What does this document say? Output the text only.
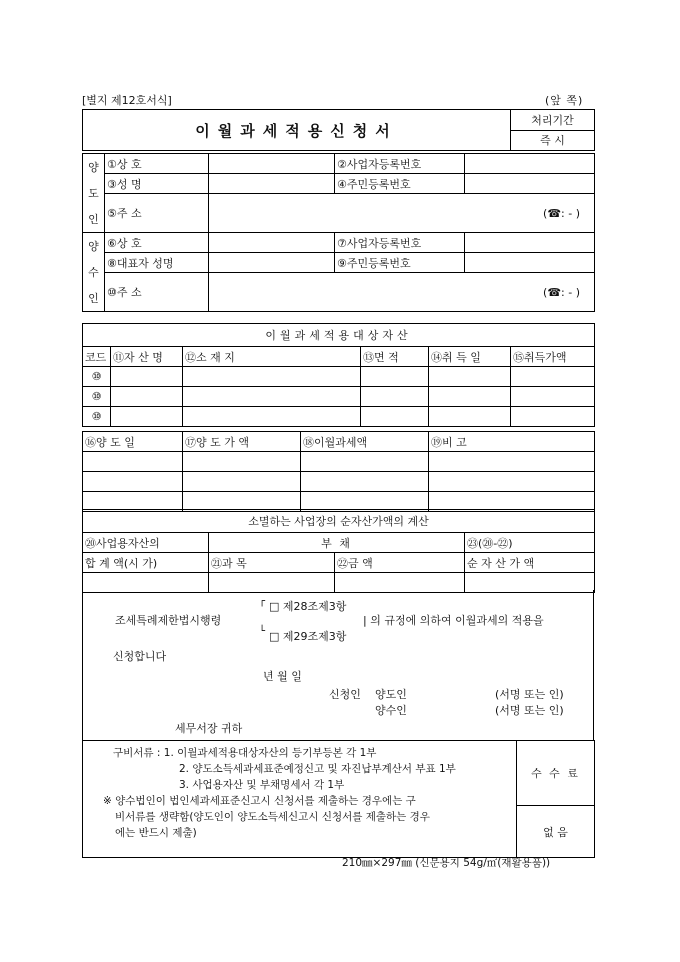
[별지 제12호서식]	(앞 쪽)
이월과세적용신청서	처리기간
즉 시
양
도
인	①상 호		②사업자등록번호	
	③성 명		④주민등록번호	
	⑤주 소	(☎: - )		

양
수
인	⑥상 호		⑦사업자등록번호	
	⑧대표자 성명		⑨주민등록번호	
	⑩주 소	(☎: - )		
이월과세적용대상자산					
코드	⑪자 산 명	⑫소 재 지	⑬면 적	⑭취 득 일	⑮취득가액
⑩					
⑩					
⑩					
⑯양 도 일	⑰양 도 가 액	⑱이월과세액	⑲비 고

소멸하는 사업장의 순자산가액의 계산			
⑳사업용자산의	부 채		㉓(⑳-㉒)
합 계 액(시 가)	㉑과 목	㉒금 액	순 자 산 가 액

조세특례제한법시행령
┌ □ 제28조제3항
└ □ 제29조제3항
| 의 규정에 의하여 이월과세의 적용을
신청합니다
년 월 일
신청인 양도인
양수인
(서명 또는 인)
(서명 또는 인)
세무서장 귀하
구비서류 : 1. 이월과세적용대상자산의 등기부등본 각 1부
2. 양도소득세과세표준예정신고 및 자진납부계산서 부표 1부
3. 사업용자산 및 부채명세서 각 1부
※ 양수법인이 법인세과세표준신고시 신청서를 제출하는 경우에는 구
비서류를 생략함(양도인이 양도소득세신고시 신청서를 제출하는 경우
에는 반드시 제출)
	수 수 료
없 음
210㎜×297㎜ (신문용지 54g/㎡(재활용품))
